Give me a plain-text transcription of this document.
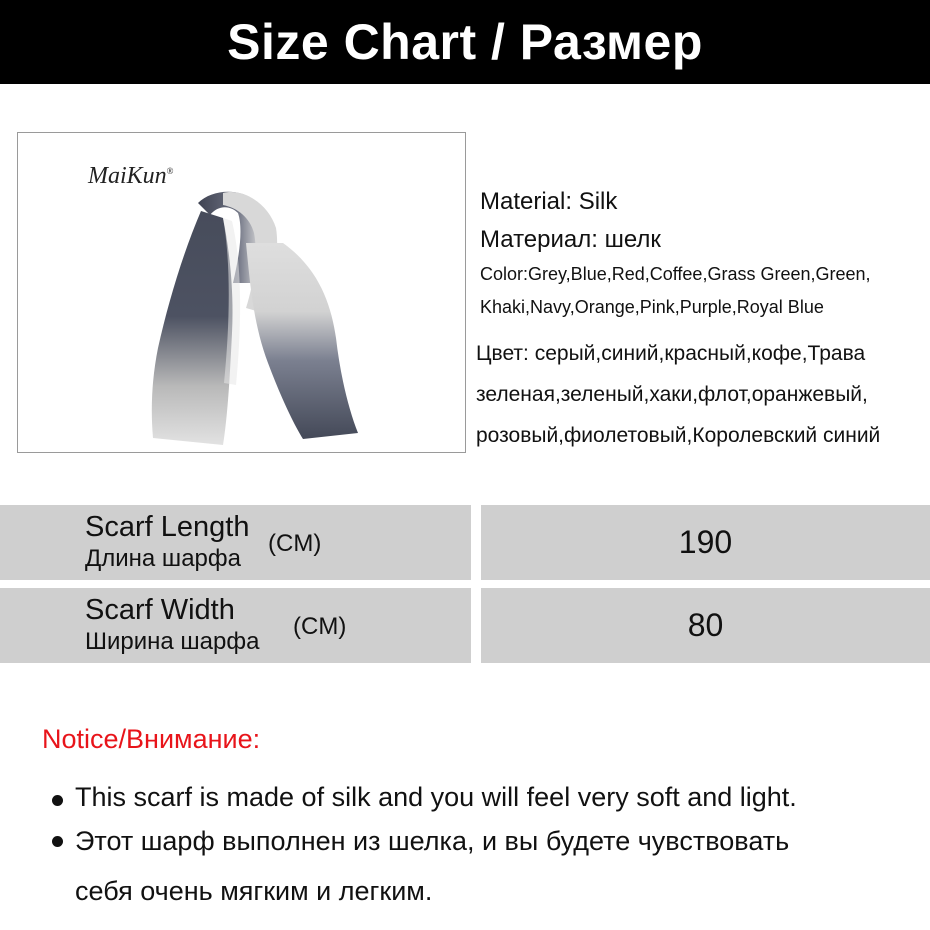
Size Chart / Размер
MaiKun®
Material: Silk
Материал: шелк
Color:Grey,Blue,Red,Coffee,Grass Green,Green,
Khaki,Navy,Orange,Pink,Purple,Royal Blue
Цвет: серый,синий,красный,кофе,Трава
зеленая,зеленый,хаки,флот,оранжевый,
розовый,фиолетовый,Королевский синий
Scarf Length
Длина шарфа
(CM)	190
Scarf Width
Ширина шарфа
(CM)	80
Notice/Внимание:
This scarf is made of silk and you will feel very soft and light.
Этот шарф выполнен из шелка, и вы будете чувствовать
себя очень мягким и легким.
